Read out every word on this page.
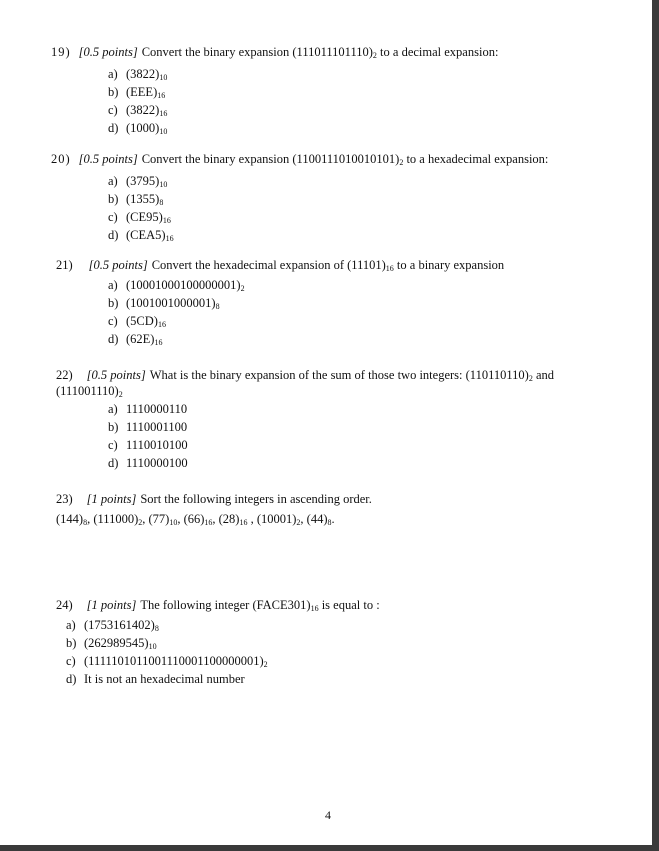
19) [0.5 points] Convert the binary expansion $(111011101110)_2$ to a decimal expansion:
a) $(3822)_{10}$
b) $(EEE)_{16}$
c) $(3822)_{16}$
d) $(1000)_{10}$
20) [0.5 points] Convert the binary expansion $(1100111010010101)_2$ to a hexadecimal expansion:
a) $(3795)_{10}$
b) $(1355)_8$
c) $(CE95)_{16}$
d) $(CEA5)_{16}$
21) [0.5 points] Convert the hexadecimal expansion of $(11101)_{16}$ to a binary expansion
a) $(10001000100000001)_2$
b) $(1001001000001)_8$
c) $(5CD)_{16}$
d) $(62E)_{16}$
22) [0.5 points] What is the binary expansion of the sum of those two integers: $(110110110)_2$ and
$(111001110)_2$
a) 1110000110
b) 1110001100
c) 1110010100
d) 1110000100
23) [1 points] Sort the following integers in ascending order.
$(144)_8$, $(111000)_2$, $(77)_{10}$, $(66)_{16}$, $(28)_{16}$ , $(10001)_2$, $(44)_8$.
24) [1 points] The following integer $(FACE301)_{16}$ is equal to :
a) $(1753161402)_8$
b) $(262989545)_{10}$
c) $(1111101011001110001100000001)_2$
d) It is not an hexadecimal number
4
